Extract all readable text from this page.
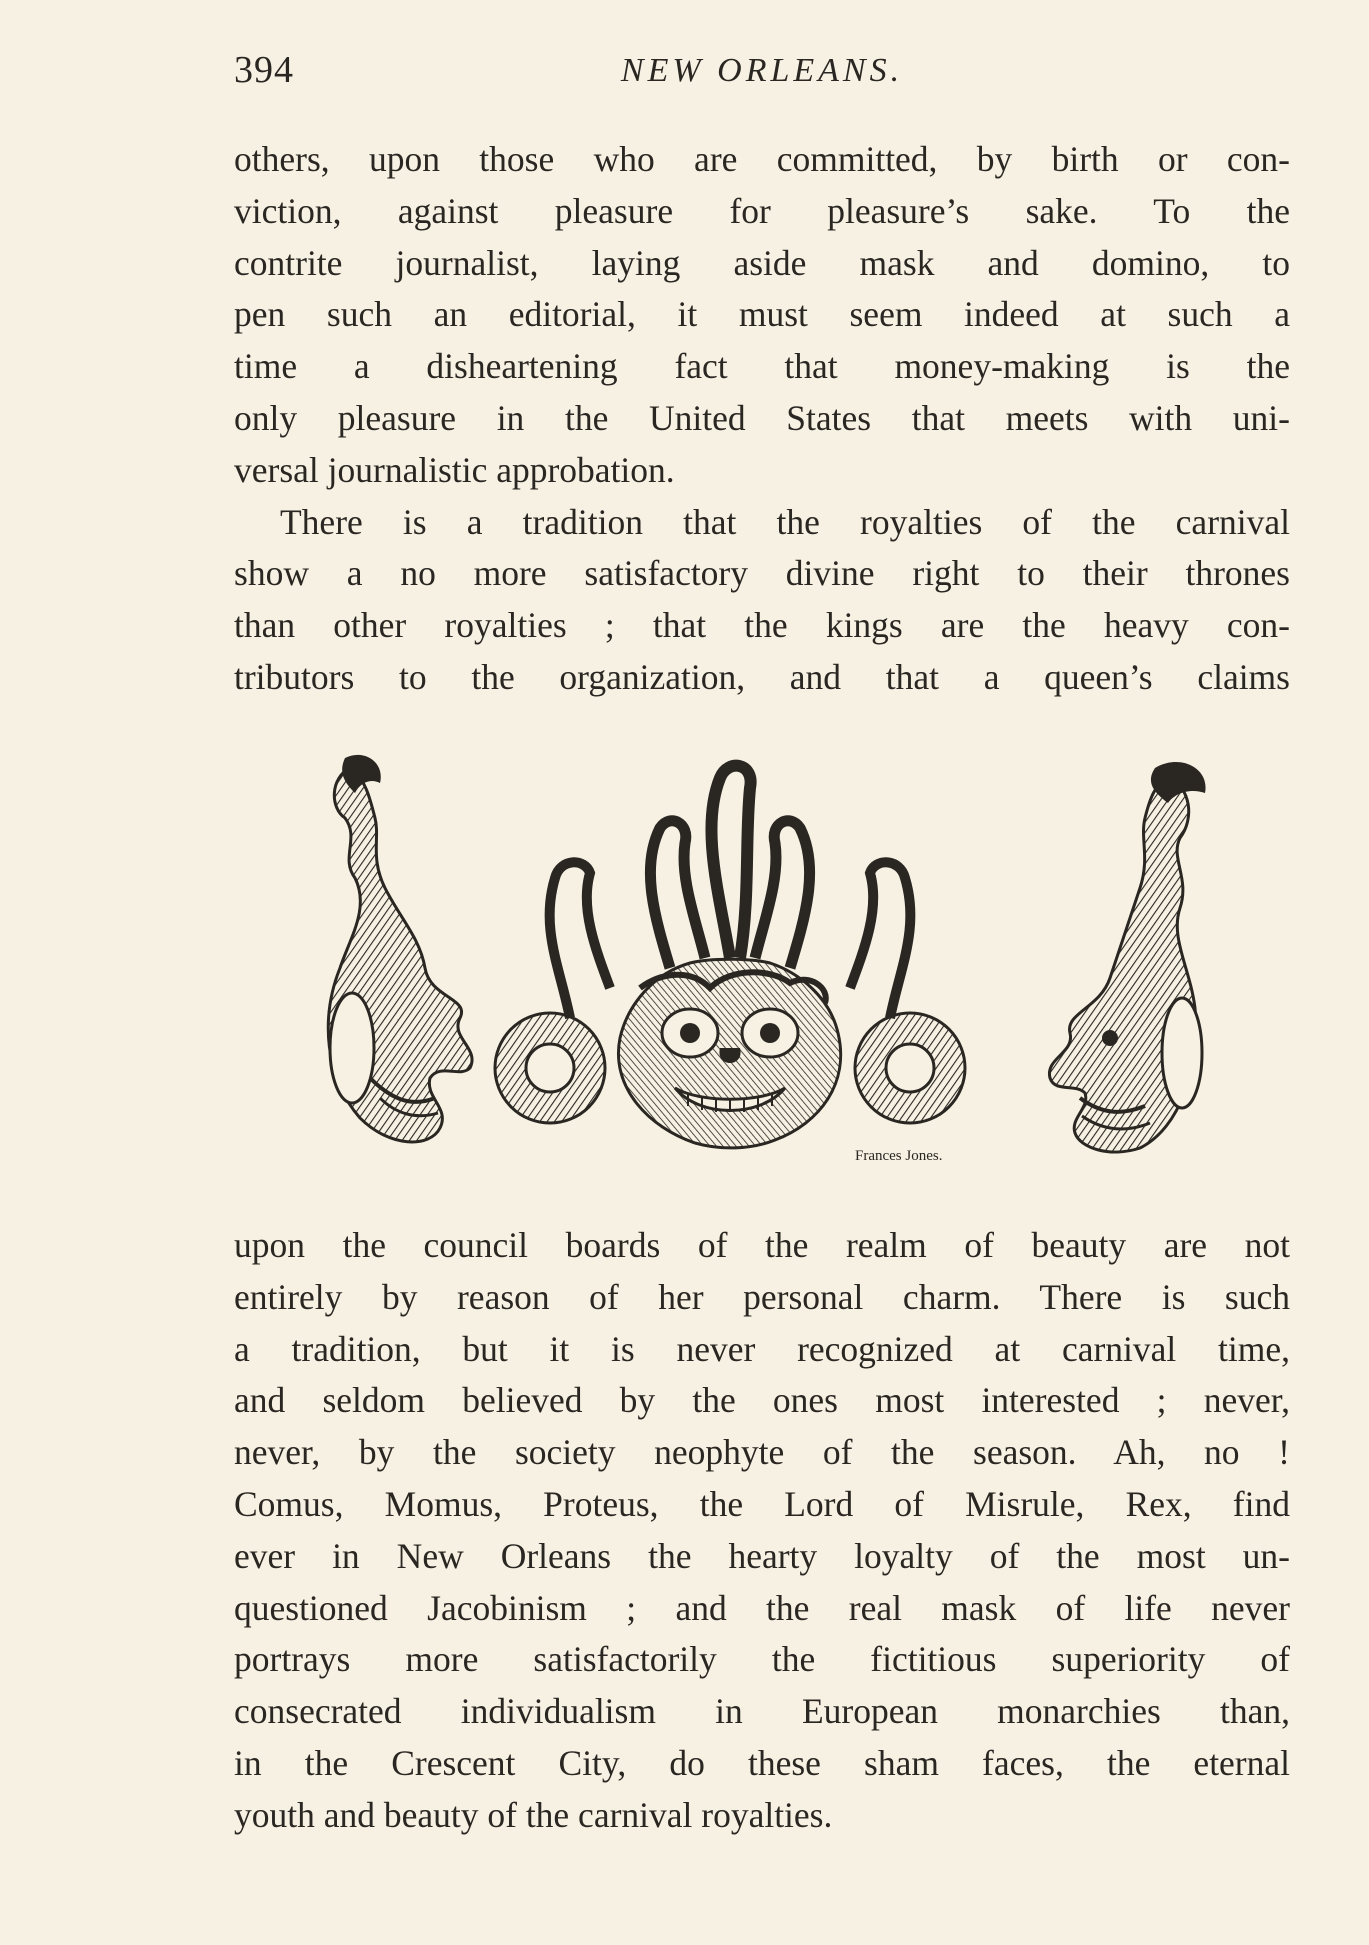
394	NEW ORLEANS.
others, upon those who are committed, by birth or con-
viction, against pleasure for pleasure’s sake. To the
contrite journalist, laying aside mask and domino, to
pen such an editorial, it must seem indeed at such a
time a disheartening fact that money-making is the
only pleasure in the United States that meets with uni-
versal journalistic approbation.
There is a tradition that the royalties of the carnival
show a no more satisfactory divine right to their thrones
than other royalties ; that the kings are the heavy con-
tributors to the organization, and that a queen’s claims
Frances Jones.
upon the council boards of the realm of beauty are not
entirely by reason of her personal charm. There is such
a tradition, but it is never recognized at carnival time,
and seldom believed by the ones most interested ; never,
never, by the society neophyte of the season. Ah, no !
Comus, Momus, Proteus, the Lord of Misrule, Rex, find
ever in New Orleans the hearty loyalty of the most un-
questioned Jacobinism ; and the real mask of life never
portrays more satisfactorily the fictitious superiority of
consecrated individualism in European monarchies than,
in the Crescent City, do these sham faces, the eternal
youth and beauty of the carnival royalties.
